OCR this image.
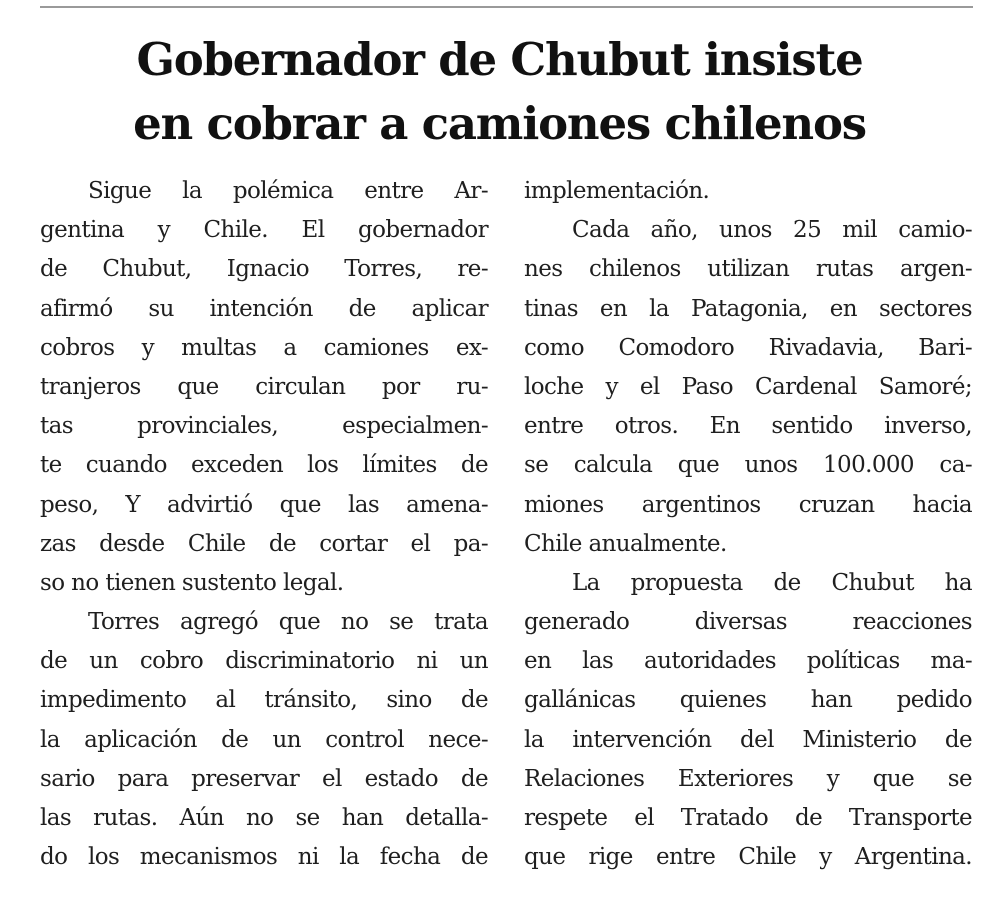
Gobernador de Chubut insiste
en cobrar a camiones chilenos
Sigue la polémica entre Ar-
gentina y Chile. El gobernador
de Chubut, Ignacio Torres, re-
afirmó su intención de aplicar
cobros y multas a camiones ex-
tranjeros que circulan por ru-
tas provinciales, especialmen-
te cuando exceden los límites de
peso, Y advirtió que las amena-
zas desde Chile de cortar el pa-
so no tienen sustento legal.
Torres agregó que no se trata
de un cobro discriminatorio ni un
impedimento al tránsito, sino de
la aplicación de un control nece-
sario para preservar el estado de
las rutas. Aún no se han detalla-
do los mecanismos ni la fecha de
implementación.
Cada año, unos 25 mil camio-
nes chilenos utilizan rutas argen-
tinas en la Patagonia, en sectores
como Comodoro Rivadavia, Bari-
loche y el Paso Cardenal Samoré;
entre otros. En sentido inverso,
se calcula que unos 100.000 ca-
miones argentinos cruzan hacia
Chile anualmente.
La propuesta de Chubut ha
generado diversas reacciones
en las autoridades políticas ma-
gallánicas quienes han pedido
la intervención del Ministerio de
Relaciones Exteriores y que se
respete el Tratado de Transporte
que rige entre Chile y Argentina.
